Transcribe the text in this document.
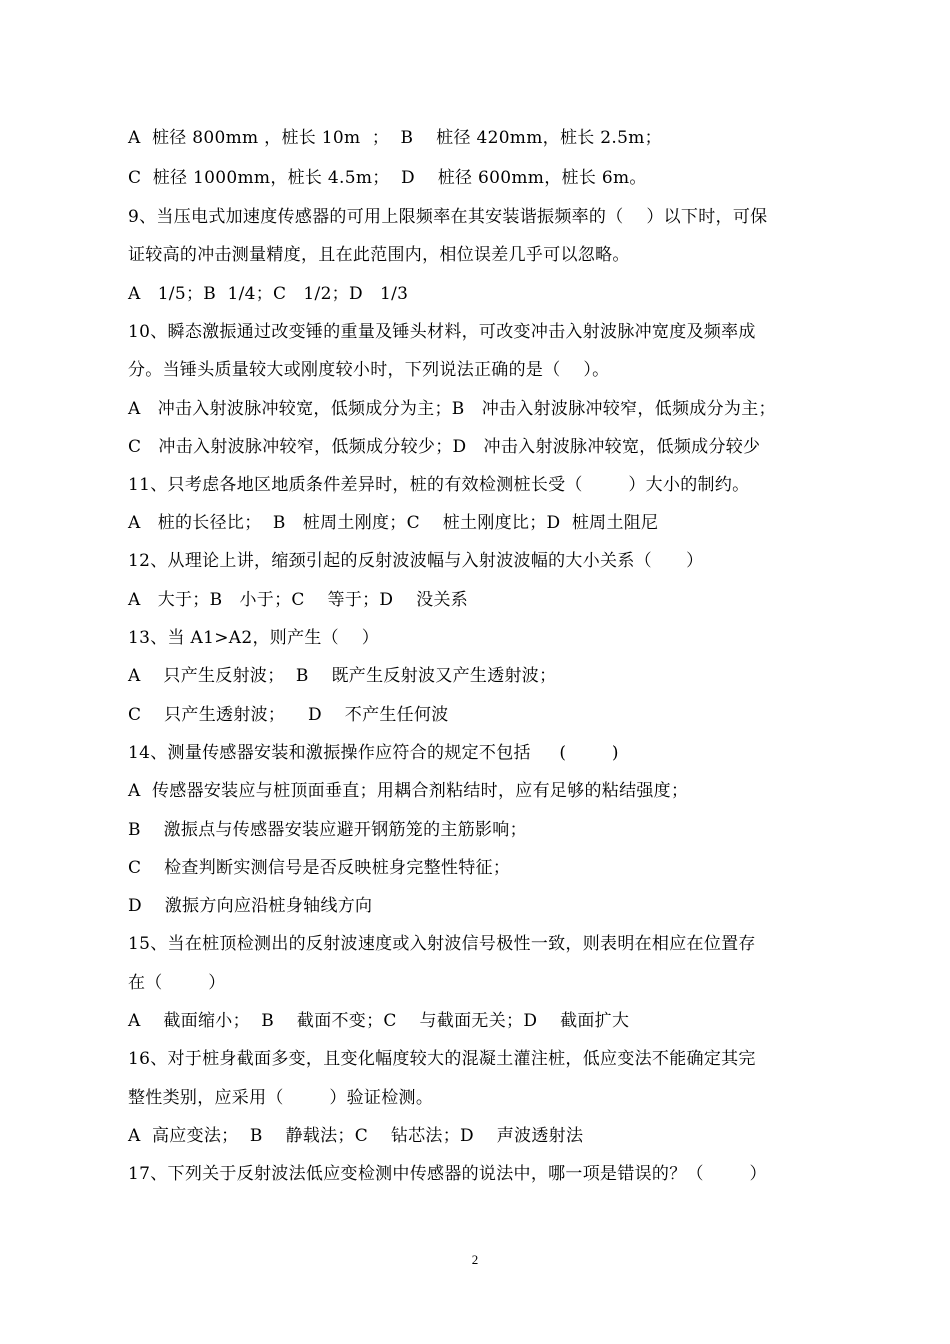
A  桩径 800mm ，桩长 10m  ；  B    桩径 420mm，桩长 2.5m；
C  桩径 1000mm，桩长 4.5m；  D    桩径 600mm，桩长 6m。
9、当压电式加速度传感器的可用上限频率在其安装谐振频率的（    ）以下时，可保
证较高的冲击测量精度，且在此范围内，相位误差几乎可以忽略。
A   1/5；B  1/4；C   1/2；D   1/3
10、瞬态激振通过改变锤的重量及锤头材料，可改变冲击入射波脉冲宽度及频率成
分。当锤头质量较大或刚度较小时，下列说法正确的是（    ）。
A   冲击入射波脉冲较宽，低频成分为主；B   冲击入射波脉冲较窄，低频成分为主；
C   冲击入射波脉冲较窄，低频成分较少；D   冲击入射波脉冲较宽，低频成分较少
11、只考虑各地区地质条件差异时，桩的有效检测桩长受（        ）大小的制约。
A   桩的长径比；  B   桩周土刚度；C    桩土刚度比；D  桩周土阻尼
12、从理论上讲，缩颈引起的反射波波幅与入射波波幅的大小关系（      ）
A   大于；B   小于；C    等于；D    没关系
13、当 A1>A2，则产生（    ）
A    只产生反射波；  B    既产生反射波又产生透射波；
C    只产生透射波；    D    不产生任何波
14、测量传感器安装和激振操作应符合的规定不包括     (        )
A  传感器安装应与桩顶面垂直；用耦合剂粘结时，应有足够的粘结强度；
B    激振点与传感器安装应避开钢筋笼的主筋影响；
C    检查判断实测信号是否反映桩身完整性特征；
D    激振方向应沿桩身轴线方向
15、当在桩顶检测出的反射波速度或入射波信号极性一致，则表明在相应在位置存
在（        ）
A    截面缩小；  B    截面不变；C    与截面无关；D    截面扩大
16、对于桩身截面多变，且变化幅度较大的混凝土灌注桩，低应变法不能确定其完
整性类别，应采用（        ）验证检测。
A  高应变法；  B    静载法；C    钻芯法；D    声波透射法
17、下列关于反射波法低应变检测中传感器的说法中，哪一项是错误的？（        ）
2
